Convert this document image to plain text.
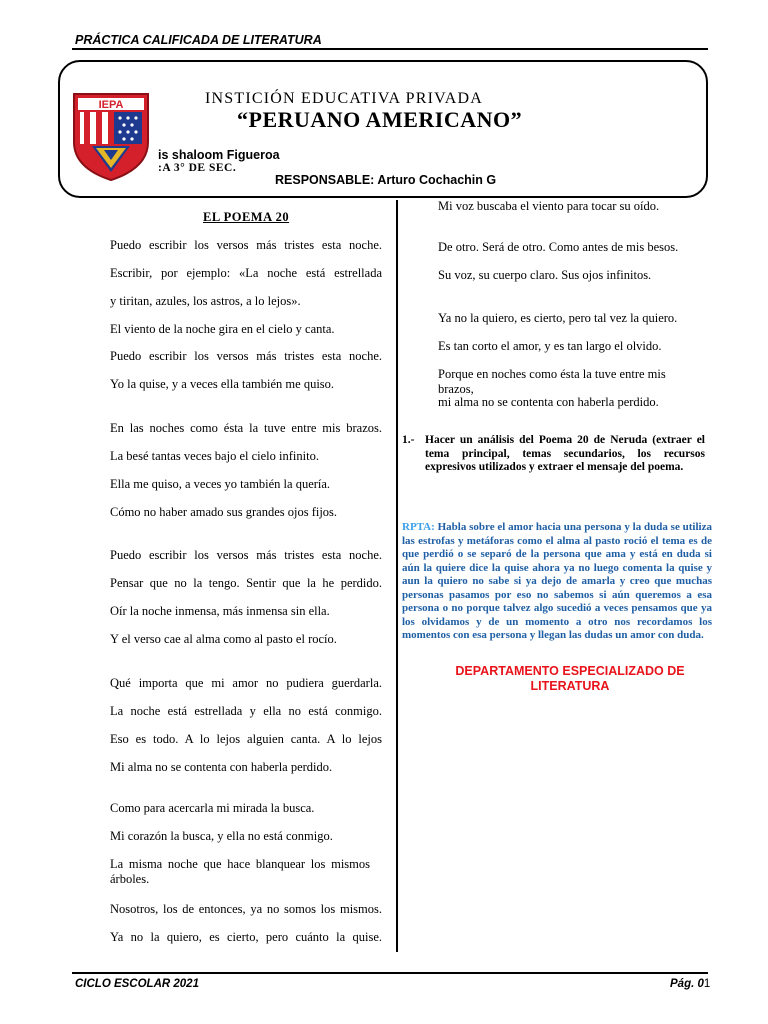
PRÁCTICA CALIFICADA DE LITERATURA
IEPA	INSTICIÓN EDUCATIVA PRIVADA
“PERUANO AMERICANO”
is shaloom Figueroa
:A 3° DE SEC.
RESPONSABLE: Arturo Cochachin G
EL POEMA 20
Puedo escribir los versos más tristes esta noche.
Escribir, por ejemplo: «La noche está estrellada
y tiritan, azules, los astros, a lo lejos».
El viento de la noche gira en el cielo y canta.
Puedo escribir los versos más tristes esta noche.
Yo la quise, y a veces ella también me quiso.
En las noches como ésta la tuve entre mis brazos.
La besé tantas veces bajo el cielo infinito.
Ella me quiso, a veces yo también la quería.
Cómo no haber amado sus grandes ojos fijos.
Puedo escribir los versos más tristes esta noche.
Pensar que no la tengo. Sentir que la he perdido.
Oír la noche inmensa, más inmensa sin ella.
Y el verso cae al alma como al pasto el rocío.
Qué importa que mi amor no pudiera guerdarla.
La noche está estrellada y ella no está conmigo.
Eso es todo. A lo lejos alguien canta. A lo lejos
Mi alma no se contenta con haberla perdido.
Como para acercarla mi mirada la busca.
Mi corazón la busca, y ella no está conmigo.
La misma noche que hace blanquear los mismos árboles.
Nosotros, los de entonces, ya no somos los mismos.
Ya no la quiero, es cierto, pero cuánto la quise.
Mi voz buscaba el viento para tocar su oído.
De otro. Será de otro. Como antes de mis besos.
Su voz, su cuerpo claro. Sus ojos infinitos.
Ya no la quiero, es cierto, pero tal vez la quiero.
Es tan corto el amor, y es tan largo el olvido.
Porque en noches como ésta la tuve entre mis brazos,
mi alma no se contenta con haberla perdido.
1.- Hacer un análisis del Poema 20 de Neruda (extraer el tema principal, temas secundarios, los recursos expresivos utilizados y extraer el mensaje del poema.
RPTA: Habla sobre el amor hacia una persona y la duda se utiliza las estrofas y metáforas como el alma al pasto roció el tema es de que perdió o se separó de la persona que ama y está en duda si aún la quiere dice la quise ahora ya no luego comenta la quise y aun la quiero no sabe si ya dejo de amarla y creo que muchas personas pasamos por eso no sabemos si aún queremos a esa persona o no porque talvez algo sucedió a veces pensamos que ya los olvidamos y de un momento a otro nos recordamos los momentos con esa persona y llegan las dudas un amor con duda.
DEPARTAMENTO ESPECIALIZADO DE
LITERATURA
CICLO ESCOLAR 2021	Pág. 01
